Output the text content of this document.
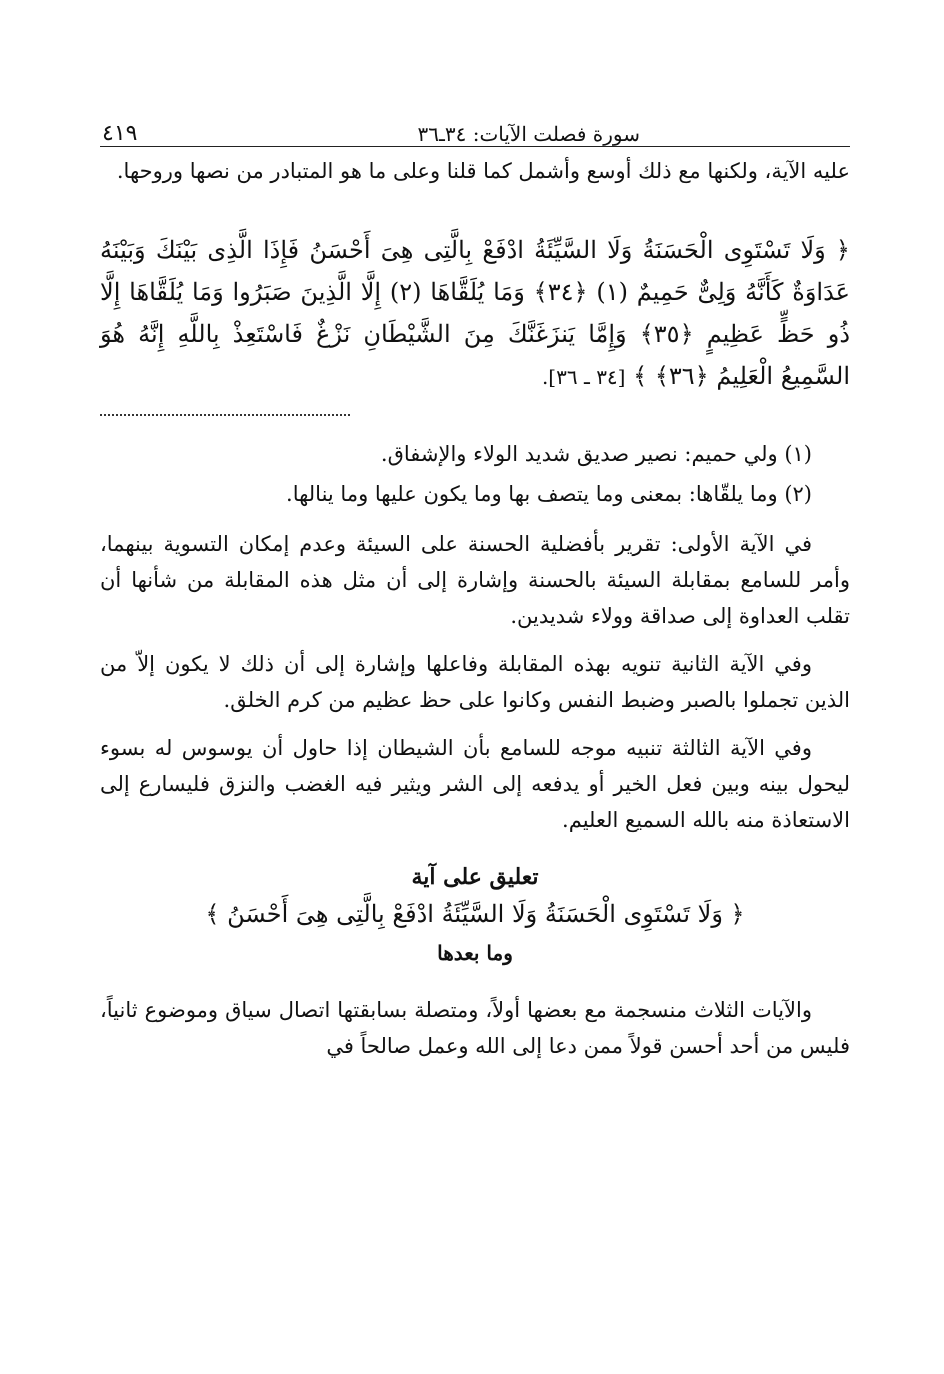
سورة فصلت الآيات: ٣٤ـ٣٦
٤١٩

عليه الآية، ولكنها مع ذلك أوسع وأشمل كما قلنا وعلى ما هو المتبادر من نصها وروحها.

﴿ وَلَا تَسْتَوِى الْحَسَنَةُ وَلَا السَّيِّئَةُ ادْفَعْ بِالَّتِى هِىَ أَحْسَنُ فَإِذَا الَّذِى بَيْنَكَ وَبَيْنَهُ عَدَاوَةٌ كَأَنَّهُ وَلِىٌّ حَمِيمٌ (١) ﴿٣٤﴾ وَمَا يُلَقَّاهَا (٢) إِلَّا الَّذِينَ صَبَرُوا وَمَا يُلَقَّاهَا إِلَّا ذُو حَظٍّ عَظِيمٍ ﴿٣٥﴾ وَإِمَّا يَنزَغَنَّكَ مِنَ الشَّيْطَانِ نَزْغٌ فَاسْتَعِذْ بِاللَّهِ إِنَّهُ هُوَ السَّمِيعُ الْعَلِيمُ ﴿٣٦﴾ ﴾ [٣٤ ـ ٣٦].

(١) ولي حميم: نصير صديق شديد الولاء والإشفاق.

(٢) وما يلقّاها: بمعنى وما يتصف بها وما يكون عليها وما ينالها.

في الآية الأولى: تقرير بأفضلية الحسنة على السيئة وعدم إمكان التسوية بينهما، وأمر للسامع بمقابلة السيئة بالحسنة وإشارة إلى أن مثل هذه المقابلة من شأنها أن تقلب العداوة إلى صداقة وولاء شديدين.

وفي الآية الثانية تنويه بهذه المقابلة وفاعلها وإشارة إلى أن ذلك لا يكون إلاّ من الذين تجملوا بالصبر وضبط النفس وكانوا على حظ عظيم من كرم الخلق.

وفي الآية الثالثة تنبيه موجه للسامع بأن الشيطان إذا حاول أن يوسوس له بسوء ليحول بينه وبين فعل الخير أو يدفعه إلى الشر ويثير فيه الغضب والنزق فليسارع إلى الاستعاذة منه بالله السميع العليم.

تعليق على آية
﴿ وَلَا تَسْتَوِى الْحَسَنَةُ وَلَا السَّيِّئَةُ ادْفَعْ بِالَّتِى هِىَ أَحْسَنُ ﴾
وما بعدها

والآيات الثلاث منسجمة مع بعضها أولاً، ومتصلة بسابقتها اتصال سياق وموضوع ثانياً، فليس من أحد أحسن قولاً ممن دعا إلى الله وعمل صالحاً في
